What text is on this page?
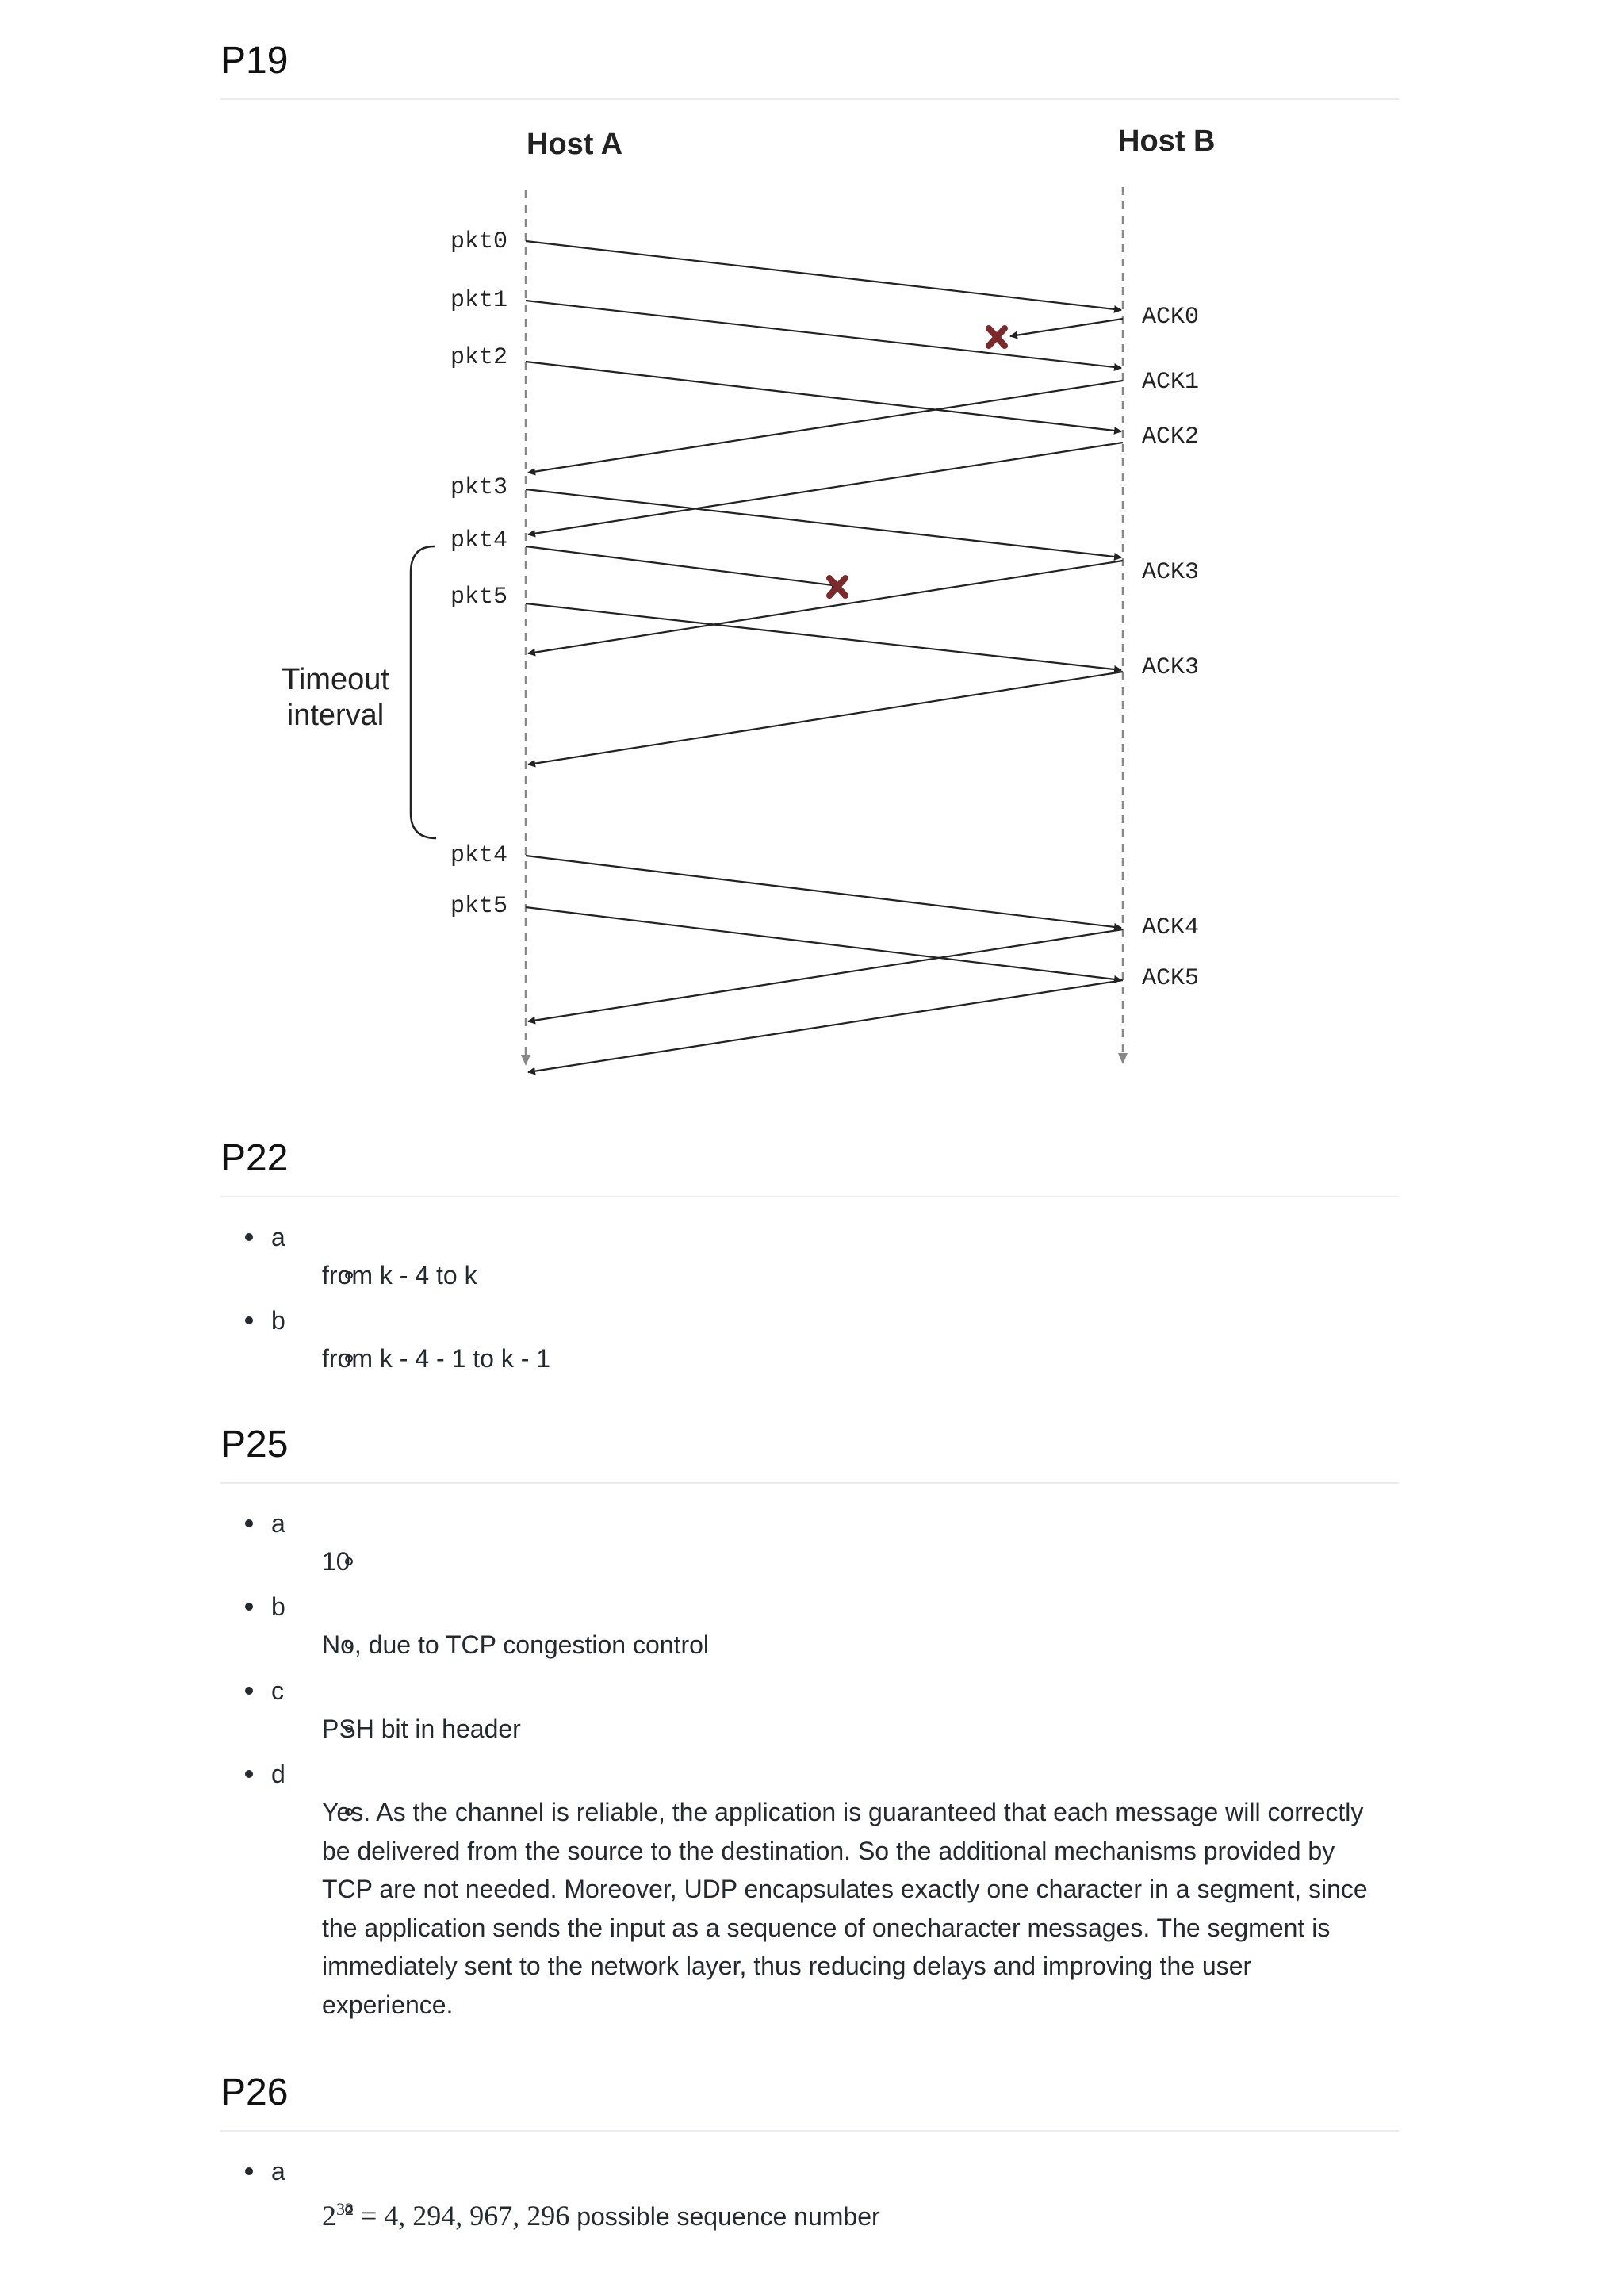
P19
Host A	Host B
pkt0
pkt1
pkt2
pkt3
pkt4
pkt5
pkt4
pkt5
ACK0
ACK1
ACK2
ACK3
ACK3
ACK4
ACK5
Timeout
interval
P22
a
from k - 4 to k
b
from k - 4 - 1 to k - 1
P25
a
10
b
No, due to TCP congestion control
c
PSH bit in header
d
Yes. As the channel is reliable, the application is guaranteed that each message will correctly be delivered from the source to the destination. So the additional mechanisms provided by TCP are not needed. Moreover, UDP encapsulates exactly one character in a segment, since the application sends the input as a sequence of onecharacter messages. The segment is immediately sent to the network layer, thus reducing delays and improving the user experience.
P26
a
$2^{32} = 4$, 294, 967, 296 possible sequence number
